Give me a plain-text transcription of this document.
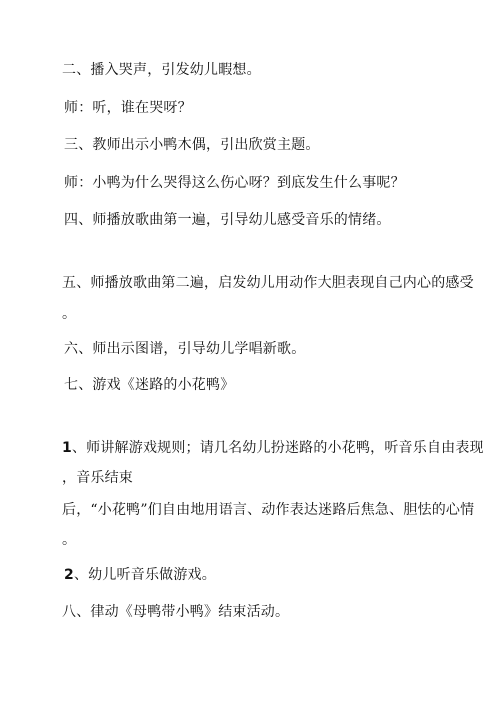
二、播入哭声，引发幼儿暇想。
师：听，谁在哭呀？
三、教师出示小鸭木偶，引出欣赏主题。
师：小鸭为什么哭得这么伤心呀？到底发生什么事呢？
四、师播放歌曲第一遍，引导幼儿感受音乐的情绪。
五、师播放歌曲第二遍，启发幼儿用动作大胆表现自己内心的感受
。
六、师出示图谱，引导幼儿学唱新歌。
七、游戏《迷路的小花鸭》
1、师讲解游戏规则；请几名幼儿扮迷路的小花鸭，听音乐自由表现
，音乐结束
后，“小花鸭”们自由地用语言、动作表达迷路后焦急、胆怯的心情
。
2、幼儿听音乐做游戏。
八、律动《母鸭带小鸭》结束活动。
